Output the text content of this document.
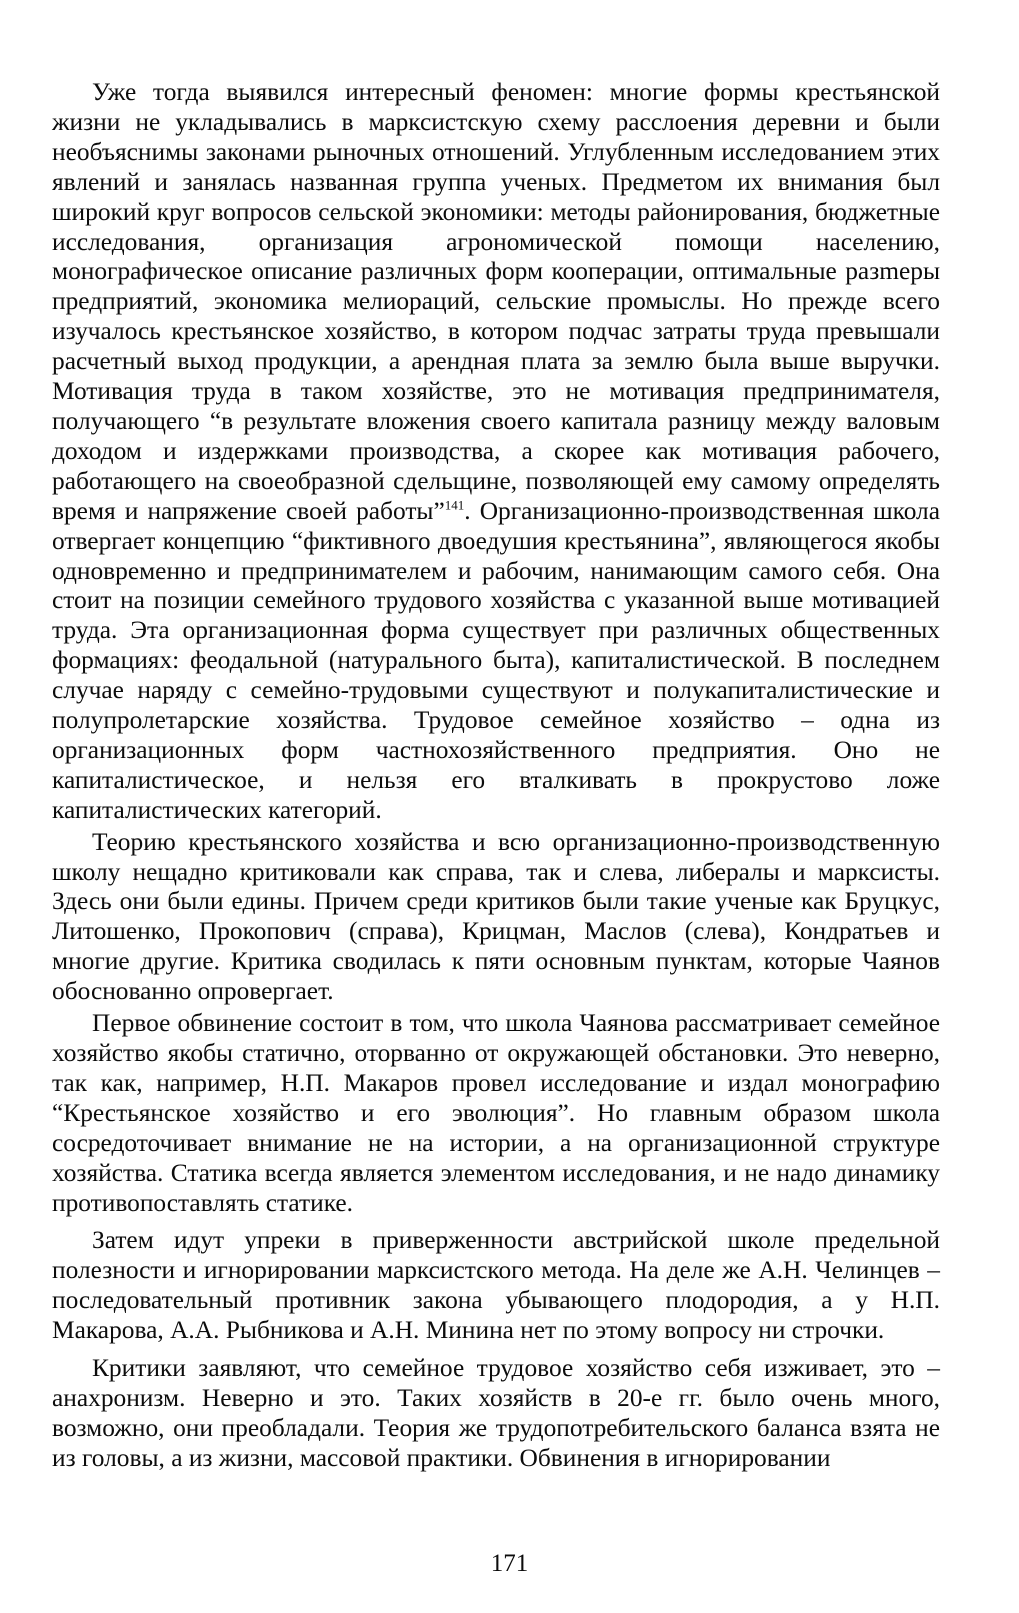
Уже тогда выявился интересный феномен: многие формы крестьянской жизни не укладывались в марксистскую схему расслоения деревни и были необъяснимы законами рыночных отношений. Углубленным исследованием этих явлений и занялась названная группа ученых. Предметом их внимания был широкий круг вопросов сельской экономики: методы районирования, бюджетные исследования, организация агрономической помощи населению, монографическое описание различных форм кооперации, оптимальные разmеры предприятий, экономика мелиораций, сельские промыслы. Но прежде всего изучалось крестьянское хозяйство, в котором подчас затраты труда превышали расчетный выход продукции, а арендная плата за землю была выше выручки. Мотивация труда в таком хозяйстве, это не мотивация предпринимателя, получающего “в результате вложения своего капитала разницу между валовым доходом и издержками производства, а скорее как мотивация рабочего, работающего на своеобразной сдельщине, позволяющей ему самому определять время и напряжение своей работы”$^{141}$. Организационно-производственная школа отвергает концепцию “фиктивного двоедушия крестьянина”, являющегося якобы одновременно и предпринимателем и рабочим, нанимающим самого себя. Она стоит на позиции семейного трудового хозяйства с указанной выше мотивацией труда. Эта организационная форма существует при различных общественных формациях: феодальной (натурального быта), капиталистической. В последнем случае наряду с семейно-трудовыми существуют и полукапиталистические и полупролетарские хозяйства. Трудовое семейное хозяйство – одна из организационных форм частнохозяйственного предприятия. Оно не капиталистическое, и нельзя его вталкивать в прокрустово ложе капиталистических категорий.

Теорию крестьянского хозяйства и всю организационно-производственную школу нещадно критиковали как справа, так и слева, либералы и марксисты. Здесь они были едины. Причем среди критиков были такие ученые как Бруцкус, Литошенко, Прокопович (справа), Крицман, Маслов (слева), Кондратьев и многие другие. Критика сводилась к пяти основным пунктам, которые Чаянов обоснованно опровергает.

Первое обвинение состоит в том, что школа Чаянова рассматривает семейное хозяйство якобы статично, оторванно от окружающей обстановки. Это неверно, так как, например, Н.П. Макаров провел исследование и издал монографию “Крестьянское хозяйство и его эволюция”. Но главным образом школа сосредоточивает внимание не на истории, а на организационной структуре хозяйства. Статика всегда является элементом исследования, и не надо динамику противопоставлять статике.

Затем идут упреки в приверженности австрийской школе предельной полезности и игнорировании марксистского метода. На деле же А.Н. Челинцев – последовательный противник закона убывающего плодородия, а у Н.П. Макарова, А.А. Рыбникова и А.Н. Минина нет по этому вопросу ни строчки.

Критики заявляют, что семейное трудовое хозяйство себя изживает, это – анахронизм. Неверно и это. Таких хозяйств в 20-е гг. было очень много, возможно, они преобладали. Теория же трудопотребительского баланса взята не из головы, а из жизни, массовой практики. Обвинения в игнорировании

171
